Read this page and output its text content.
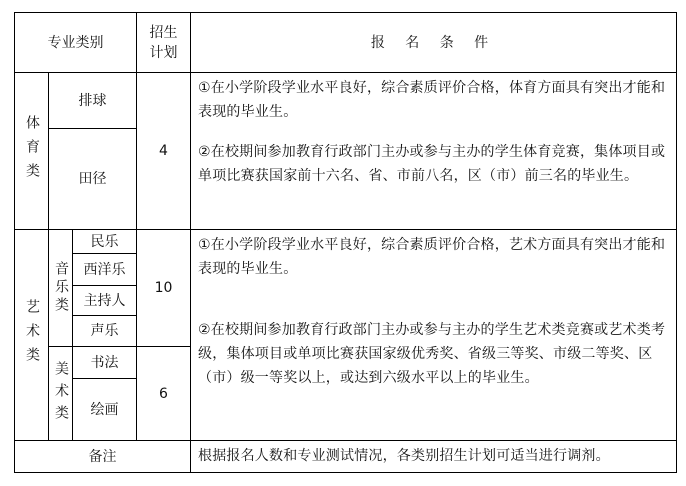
专业类别
招生计划
报 名 条 件
体育类
排球
田径
4
①在小学阶段学业水平良好，综合素质评价合格，体育方面具有突出才能和表现的毕业生。
②在校期间参加教育行政部门主办或参与主办的学生体育竞赛，集体项目或单项比赛获国家前十六名、省、市前八名，区（市）前三名的毕业生。
艺术类
音乐类
民乐
西洋乐
主持人
声乐
10
美术类	书法
绘画
6
①在小学阶段学业水平良好，综合素质评价合格，艺术方面具有突出才能和表现的毕业生。
②在校期间参加教育行政部门主办或参与主办的学生艺术类竞赛或艺术类考级，集体项目或单项比赛获国家级优秀奖、省级三等奖、市级二等奖、区（市）级一等奖以上，或达到六级水平以上的毕业生。
备注	根据报名人数和专业测试情况，各类别招生计划可适当进行调剂。
